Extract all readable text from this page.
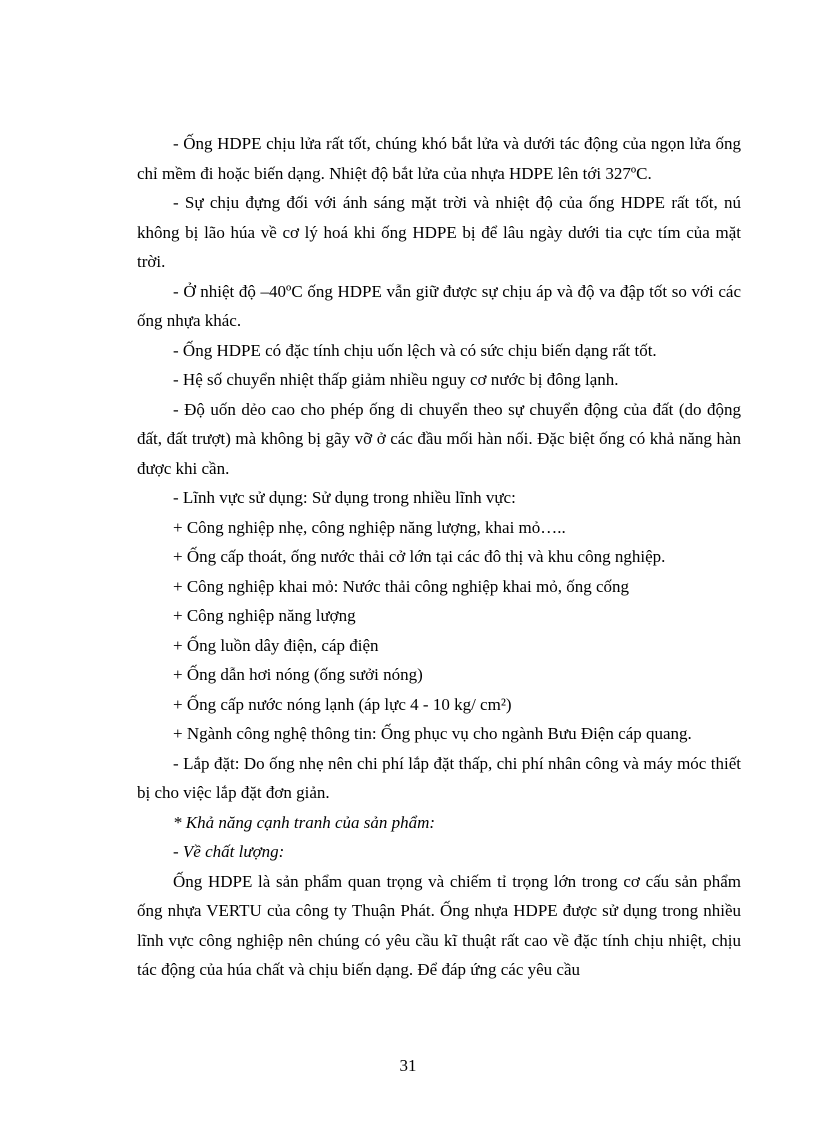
- Ống HDPE chịu lửa rất tốt, chúng khó bắt lửa và dưới tác động của ngọn lửa ống chỉ mềm đi hoặc biến dạng. Nhiệt độ bắt lửa của nhựa HDPE lên tới 327ºC.

- Sự chịu đựng đối với ánh sáng mặt trời và nhiệt độ của ống HDPE rất tốt, nú không bị lão húa về cơ lý hoá khi ống HDPE bị để lâu ngày dưới tia cực tím của mặt trời.

- Ở nhiệt độ –40ºC ống HDPE vẫn giữ được sự chịu áp và độ va đập tốt so với các ống nhựa khác.

- Ống HDPE có đặc tính chịu uốn lệch và có sức chịu biến dạng rất tốt.

- Hệ số chuyển nhiệt thấp giảm nhiều nguy cơ nước bị đông lạnh.

- Độ uốn dẻo cao cho phép ống di chuyển theo sự chuyển động của đất (do động đất, đất trượt) mà không bị gãy vỡ ở các đầu mối hàn nối. Đặc biệt ống có khả năng hàn được khi cần.

- Lĩnh vực sử dụng: Sử dụng trong nhiều lĩnh vực:

+ Công nghiệp nhẹ, công nghiệp năng lượng, khai mỏ…..

+ Ống cấp thoát, ống nước thải cở lớn tại các đô thị và khu công nghiệp.

+ Công nghiệp khai mỏ: Nước thải công nghiệp khai mỏ, ống cống

+ Công nghiệp năng lượng

+ Ống luồn dây điện, cáp điện

+ Ống dẫn hơi nóng (ống sưởi nóng)

+ Ống cấp nước nóng lạnh (áp lực 4 - 10 kg/ cm²)

+ Ngành công nghệ thông tin: Ống phục vụ cho ngành Bưu Điện cáp quang.

- Lắp đặt: Do ống nhẹ nên chi phí lắp đặt thấp, chi phí nhân công và máy móc thiết bị cho việc lắp đặt đơn giản.

* Khả năng cạnh tranh của sản phẩm:

- Về chất lượng:

Ống HDPE là sản phẩm quan trọng và chiếm tỉ trọng lớn trong cơ cấu sản phẩm ống nhựa VERTU của công ty Thuận Phát. Ống nhựa HDPE được sử dụng trong nhiều lĩnh vực công nghiệp nên chúng có yêu cầu kĩ thuật rất cao về đặc tính chịu nhiệt, chịu tác động của húa chất và chịu biến dạng. Để đáp ứng các yêu cầu

31
